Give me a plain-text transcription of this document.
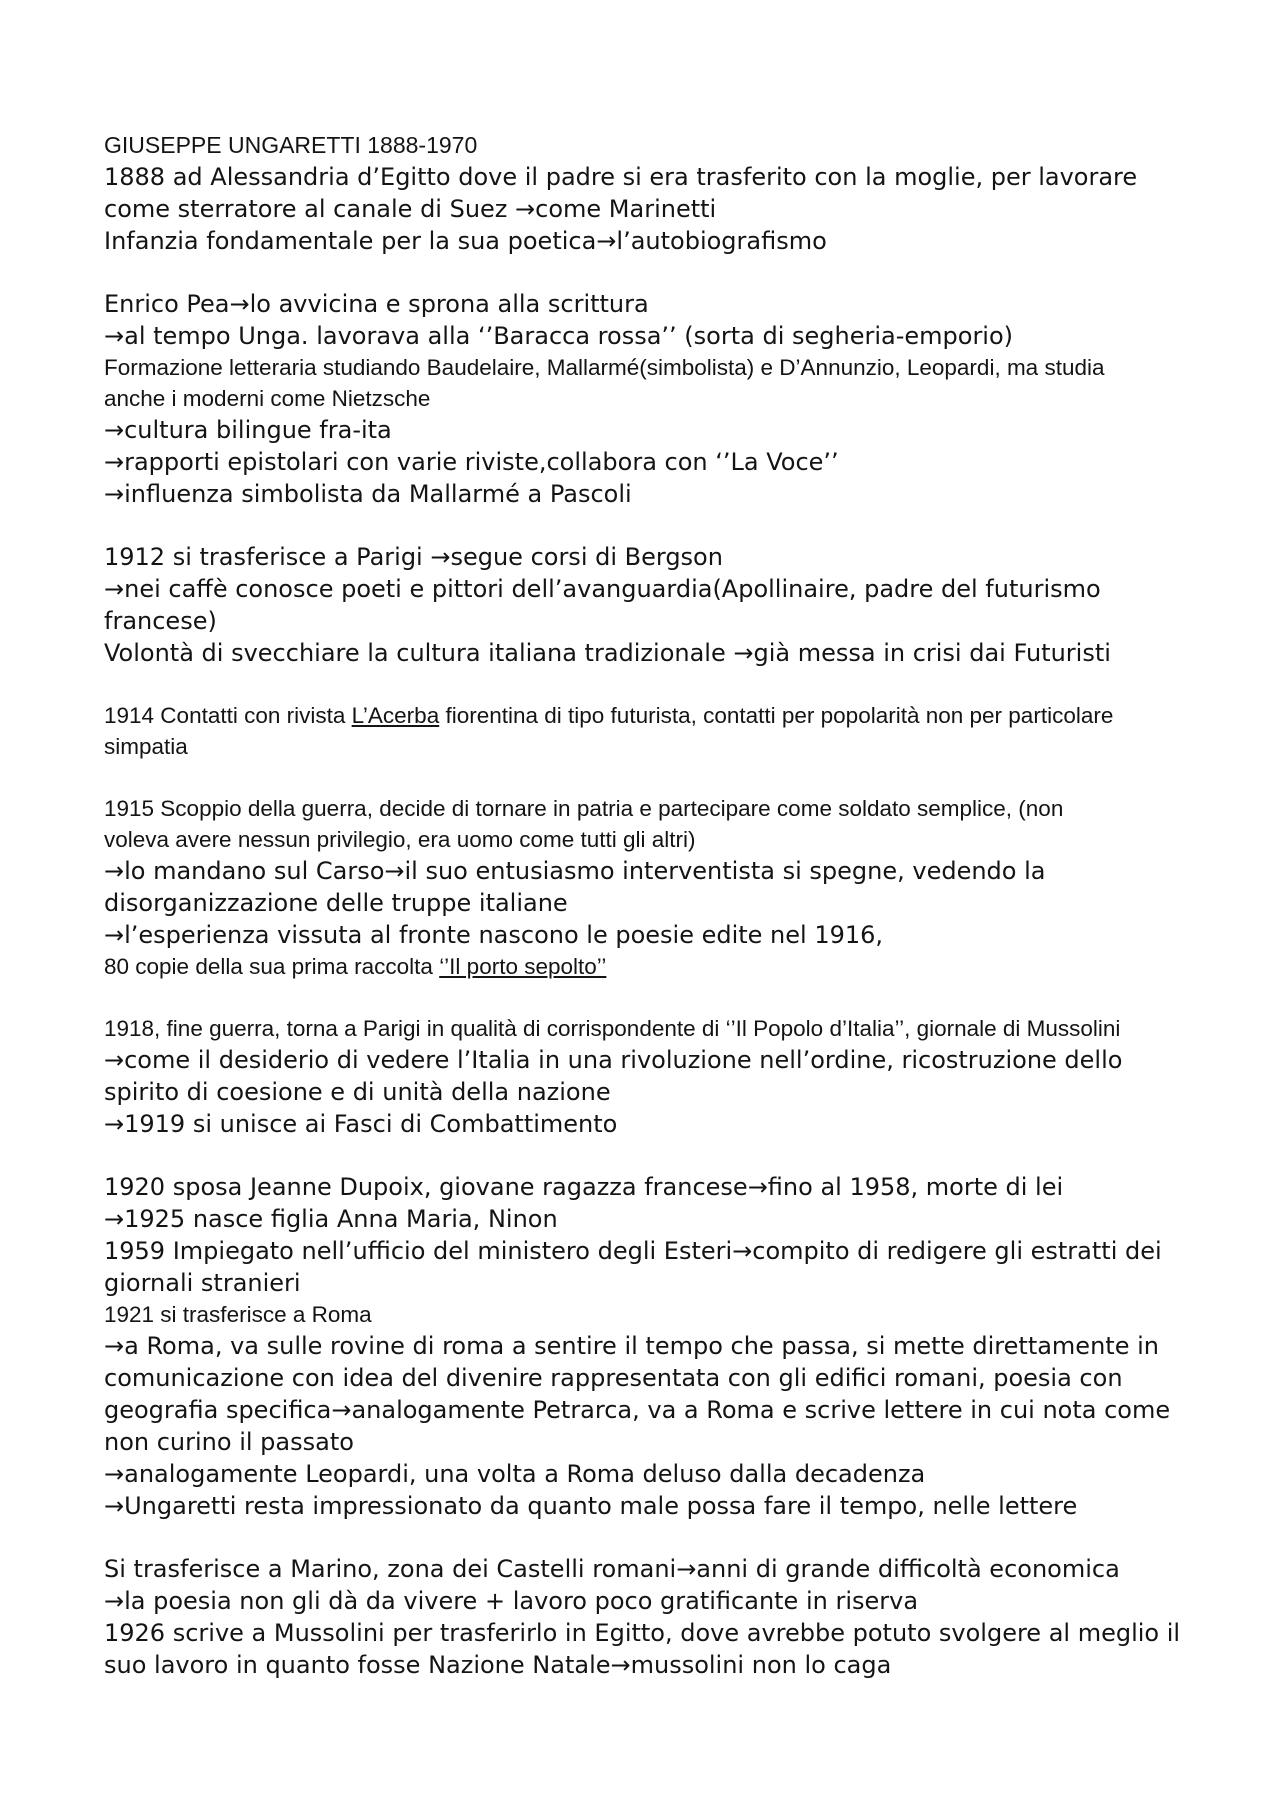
GIUSEPPE UNGARETTI 1888-1970
1888 ad Alessandria d’Egitto dove il padre si era trasferito con la moglie, per lavorare
come sterratore al canale di Suez →come Marinetti
Infanzia fondamentale per la sua poetica→l’autobiografismo
Enrico Pea→lo avvicina e sprona alla scrittura
→al tempo Unga. lavorava alla ‘’Baracca rossa’’ (sorta di segheria-emporio)
Formazione letteraria studiando Baudelaire, Mallarmé(simbolista) e D’Annunzio, Leopardi, ma studia
anche i moderni come Nietzsche
→cultura bilingue fra-ita
→rapporti epistolari con varie riviste,collabora con ‘’La Voce’’
→influenza simbolista da Mallarmé a Pascoli
1912 si trasferisce a Parigi →segue corsi di Bergson
→nei caffè conosce poeti e pittori dell’avanguardia(Apollinaire, padre del futurismo
francese)
Volontà di svecchiare la cultura italiana tradizionale →già messa in crisi dai Futuristi
1914 Contatti con rivista L’Acerba fiorentina di tipo futurista, contatti per popolarità non per particolare
simpatia
1915 Scoppio della guerra, decide di tornare in patria e partecipare come soldato semplice, (non
voleva avere nessun privilegio, era uomo come tutti gli altri)
→lo mandano sul Carso→il suo entusiasmo interventista si spegne, vedendo la
disorganizzazione delle truppe italiane
→l’esperienza vissuta al fronte nascono le poesie edite nel 1916,
80 copie della sua prima raccolta ‘’Il porto sepolto’’
1918, fine guerra, torna a Parigi in qualità di corrispondente di ‘’Il Popolo d’Italia’’, giornale di Mussolini
→come il desiderio di vedere l’Italia in una rivoluzione nell’ordine, ricostruzione dello
spirito di coesione e di unità della nazione
→1919 si unisce ai Fasci di Combattimento
1920 sposa Jeanne Dupoix, giovane ragazza francese→fino al 1958, morte di lei
→1925 nasce figlia Anna Maria, Ninon
1959 Impiegato nell’ufficio del ministero degli Esteri→compito di redigere gli estratti dei
giornali stranieri
1921 si trasferisce a Roma
→a Roma, va sulle rovine di roma a sentire il tempo che passa, si mette direttamente in
comunicazione con idea del divenire rappresentata con gli edifici romani, poesia con
geografia specifica→analogamente Petrarca, va a Roma e scrive lettere in cui nota come
non curino il passato
→analogamente Leopardi, una volta a Roma deluso dalla decadenza
→Ungaretti resta impressionato da quanto male possa fare il tempo, nelle lettere
Si trasferisce a Marino, zona dei Castelli romani→anni di grande difficoltà economica
→la poesia non gli dà da vivere + lavoro poco gratificante in riserva
1926 scrive a Mussolini per trasferirlo in Egitto, dove avrebbe potuto svolgere al meglio il
suo lavoro in quanto fosse Nazione Natale→mussolini non lo caga
